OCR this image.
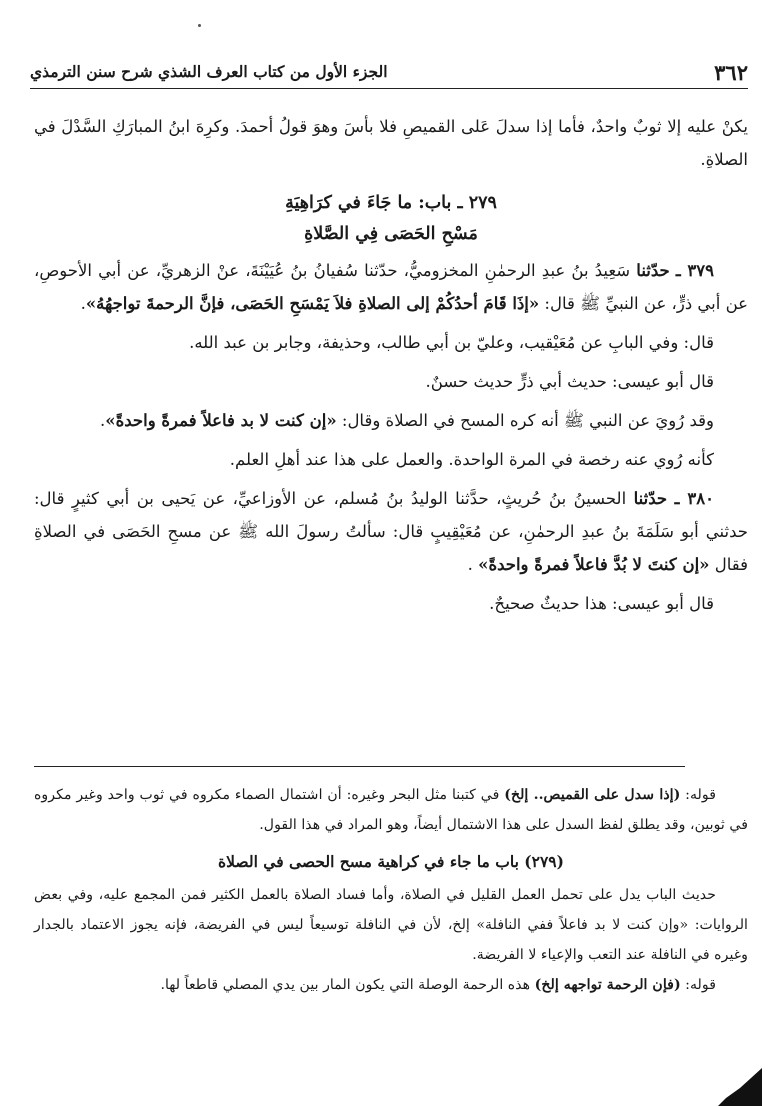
٣٦٢
الجزء الأول من كتاب العرف الشذي شرح سنن الترمذي

يكنْ عليه إلا ثوبٌ واحدٌ، فأما إذا سدلَ عَلى القميصِ فلا بأسَ وهوَ قولُ أحمدَ. وكرِهَ ابنُ المبارَكِ السَّدْلَ في الصلاةِ.

٢٧٩ ـ باب: ما جَاءَ في كرَاهِيَةِ
مَسْحِ الحَصَى فِي الصَّلاةِ

٣٧٩ ـ حدّثنا سَعِيدُ بنُ عبدِ الرحمٰنِ المخزوميُّ، حدّثنا سُفيانُ بنُ عُيَيْنَةَ، عنْ الزهريِّ، عن أبي الأحوصِ، عن أبي ذرٍّ، عن النبيِّ ﷺ قال: «إذَا قَامَ أحدُكُمْ إلى الصلاةِ فلاَ يَمْسَحِ الحَصَى، فإنَّ الرحمةَ تواجهُهُ».

قال: وفي البابِ عن مُعَيْقيب، وعليّ بن أبي طالب، وحذيفة، وجابر بن عبد الله.

قال أبو عيسى: حديث أبي ذرٍّ حديث حسنٌ.

وقد رُويَ عن النبي ﷺ أنه كره المسح في الصلاة وقال: «إن كنت لا بد فاعلاً فمرةً واحدةً».

كأنه رُوي عنه رخصة في المرة الواحدة. والعمل على هذا عند أهلِ العلم.

٣٨٠ ـ حدّثنا الحسينُ بنُ حُريثٍ، حدَّثنا الوليدُ بنُ مُسلم، عن الأوزاعيِّ، عن يَحيى بن أبي كثيرٍ قال: حدثني أبو سَلَمَةَ بنُ عبدِ الرحمٰنِ، عن مُعَيْقِيبٍ قال: سألتُ رسولَ الله ﷺ عن مسحِ الحَصَى في الصلاةِ فقال «إن كنتَ لا بُدَّ فاعلاً فمرةً واحدةً» .

قال أبو عيسى: هذا حديثٌ صحيحٌ.

قوله: (إذا سدل على القميص.. إلخ) في كتبنا مثل البحر وغيره: أن اشتمال الصماء مكروه في ثوب واحد وغير مكروه في ثوبين، وقد يطلق لفظ السدل على هذا الاشتمال أيضاً، وهو المراد في هذا القول.

(٢٧٩) باب ما جاء في كراهية مسح الحصى في الصلاة

حديث الباب يدل على تحمل العمل القليل في الصلاة، وأما فساد الصلاة بالعمل الكثير فمن المجمع عليه، وفي بعض الروايات: «وإن كنت لا بد فاعلاً ففي النافلة» إلخ، لأن في النافلة توسيعاً ليس في الفريضة، فإنه يجوز الاعتماد بالجدار وغيره في النافلة عند التعب والإعياء لا الفريضة.

قوله: (فإن الرحمة تواجهه إلخ) هذه الرحمة الوصلة التي يكون المار بين يدي المصلي قاطعاً لها.
